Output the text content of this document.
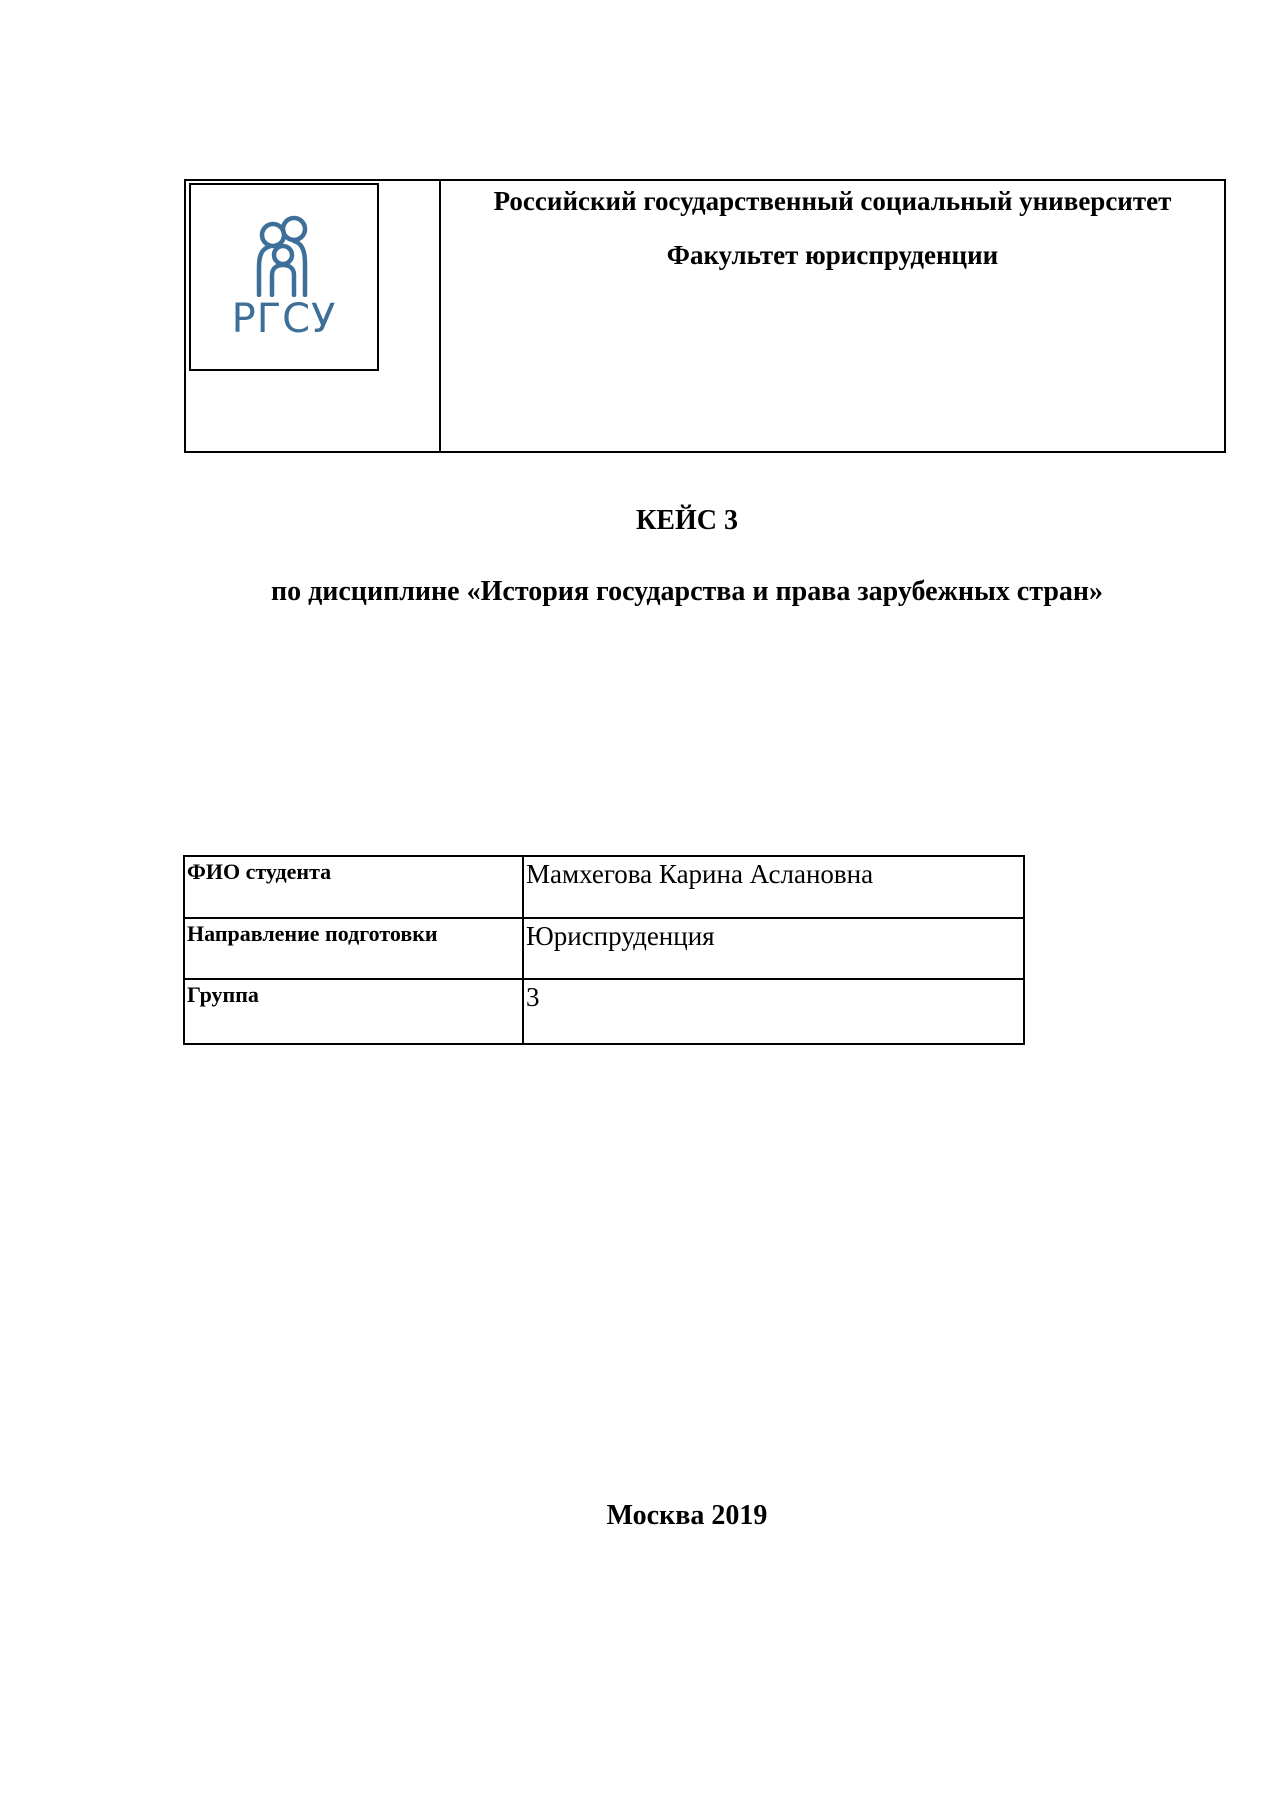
РГСУ
Российский государственный социальный университет
Факультет юриспруденции
КЕЙС 3
по дисциплине «История государства и права зарубежных стран»
ФИО студента	Мамхегова Карина Аслановна
Направление подготовки	Юриспруденция
Группа	3
Москва 2019
